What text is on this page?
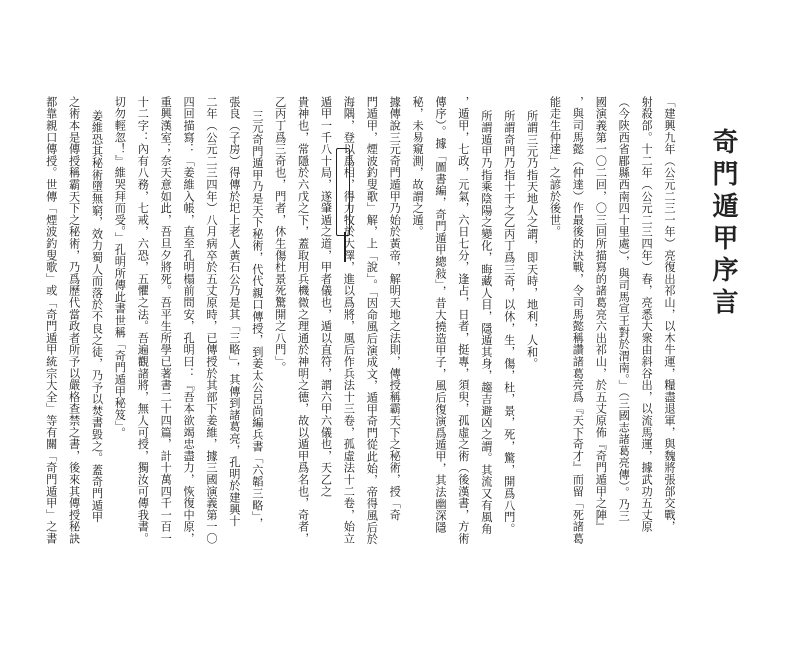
奇門遁甲序言
「建興九年（公元二三一年）亮復出祁山，以木牛運，糧盡退軍，與魏將張郃交戰，
射殺郃。十二年（公元二三四年）春，亮悉大衆由斜谷出，以流馬運，據武功五丈原
（今陝西省郿縣西南四十里處），與司馬宣王對於渭南。」（三國志諸葛亮傳）。乃三
國演義第一〇二回，〇三回所描寫的諸葛亮六出祁山，於五丈原佈『奇門遁甲之陣』
，與司馬懿（仲達）作最後的決戰，令司馬懿稱讚諸葛亮爲『天下奇才』而留「死諸葛
能走生仲達」之諺於後世。
所謂三元乃指天地人之謂，即天時，地利，人和。
所謂奇門乃指十干之乙丙丁爲三奇，以休，生，傷，杜，景，死，驚，開爲八門。
所謂遁甲乃指乘陰陽之變化，晦藏人目，隱遁其身，趨吉避凶之謂。其流又有風角
，遁甲，七政，元氣，六日七分，逢占，日者，挺專，須臾，孤虛之術（後漢書，方術
傳序）。據「圖書編，奇門遁甲總敍」，昔大撓造甲子，風后復演爲遁甲，其法幽深隱
秘，未易窺測，故謂之遁。
據傳說三元奇門遁甲乃始於黃帝，解明天地之法則，傳授稱霸天下之秘術，授「奇
門遁甲，煙波釣叟歌」解，上「說」。「因命風后演成文，遁甲奇門從此始，帝得風后於
海隅，登以爲相，得力牧於大澤，進以爲將，風后作兵法十三卷，孤虛法十二卷，始立
遁甲一千八十局，遂肇遁之道，甲者儀也，遁以直符，謂六甲六儀也，天乙之
貴神也，常隱於六戊之下，蓋取用兵機微之理通於神明之德，故以遁甲爲名也，奇者，
乙丙丁爲三奇也，門者，休生傷杜景死驚開之八門」。
三元奇門遁甲乃是天下秘術，代代親口傳授，到姜太公呂尚編兵書「六韜三略」，
張良（子房）得傳於圯上老人黃石公乃是其「三略」，其傳到諸葛亮，孔明於建興十
二年（公元二三四年）八月病卒於五丈原時，已傳授於其部下姜維，據三國演義第一〇
四回描寫：「姜維入帳，直至孔明榻前問安，孔明曰：『吾本欲竭忠盡力，恢復中原，
重興漢室；奈天意如此，吾旦夕將死。吾平生所學已著書二十四篇，計十萬四千一百一
十二字：內有八務，七戒，六恐，五懼之法。吾遍觀諸將，無人可授，獨汝可傳我書。
切勿輕忽！』維哭拜而受。」孔明所傳此書世稱「奇門遁甲秘笈」。
姜維恐其秘術墮無窮，效力蜀人而落於不良之徒，乃予以焚書毀之。蓋奇門遁甲
之術本是傳授稱霸天下之秘術，乃爲歷代當政者所予以嚴格查禁之書，後來其傳授秘訣
都靠親口傳授。世傳「煙波釣叟歌」或「奇門遁甲統宗大全」等有關「奇門遁甲」之書
